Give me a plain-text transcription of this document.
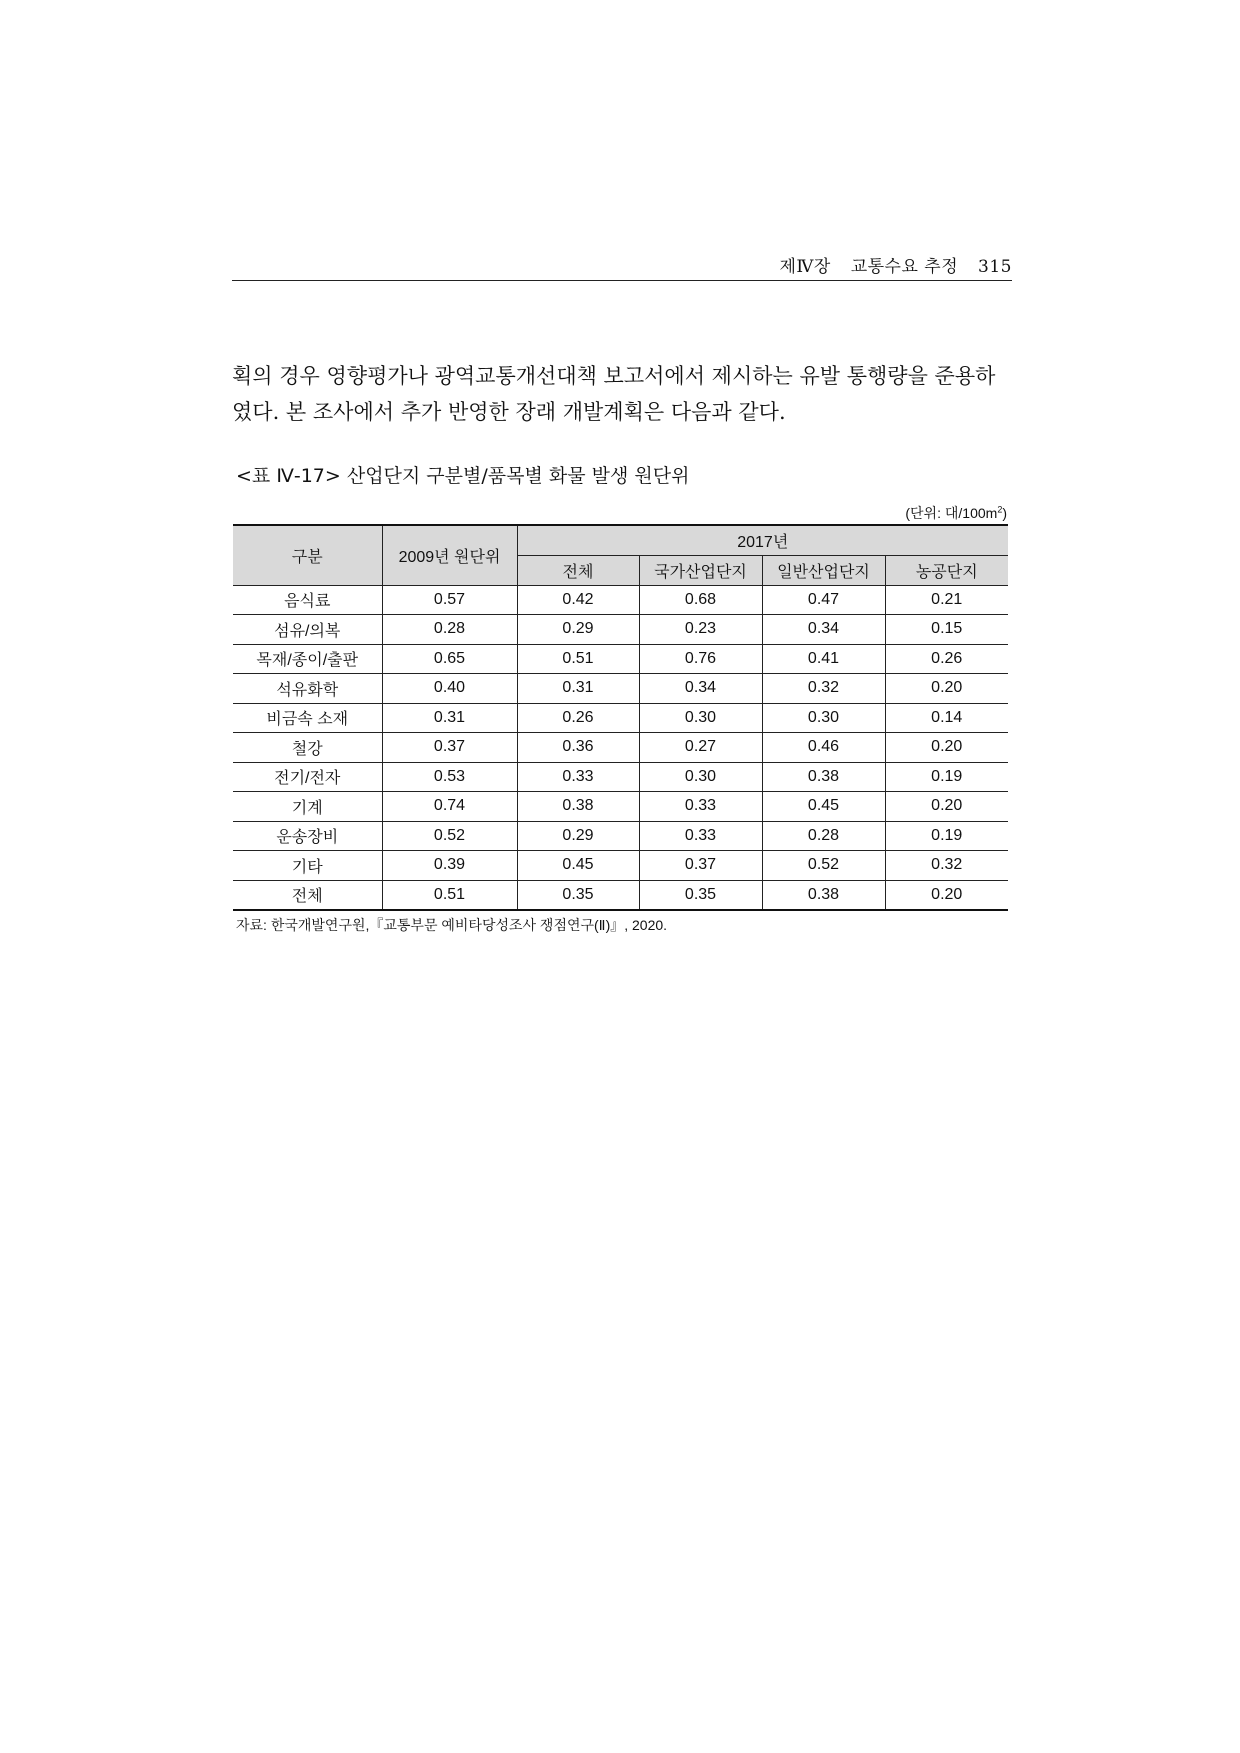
제Ⅳ장 교통수요 추정 315

획의 경우 영향평가나 광역교통개선대책 보고서에서 제시하는 유발 통행량을 준용하

였다. 본 조사에서 추가 반영한 장래 개발계획은 다음과 같다.

<표 Ⅳ-17> 산업단지 구분별/품목별 화물 발생 원단위
(단위: 대$/100m^2$)
구분	2009년 원단위	2017년			
		전체	국가산업단지	일반산업단지	농공단지
음식료	0.57	0.42	0.68	0.47	0.21
섬유/의복	0.28	0.29	0.23	0.34	0.15
목재/종이/출판	0.65	0.51	0.76	0.41	0.26
석유화학	0.40	0.31	0.34	0.32	0.20
비금속 소재	0.31	0.26	0.30	0.30	0.14
철강	0.37	0.36	0.27	0.46	0.20
전기/전자	0.53	0.33	0.30	0.38	0.19
기계	0.74	0.38	0.33	0.45	0.20
운송장비	0.52	0.29	0.33	0.28	0.19
기타	0.39	0.45	0.37	0.52	0.32
전체	0.51	0.35	0.35	0.38	0.20
자료: 한국개발연구원,『교통부문 예비타당성조사 쟁점연구(Ⅱ)』, 2020.
